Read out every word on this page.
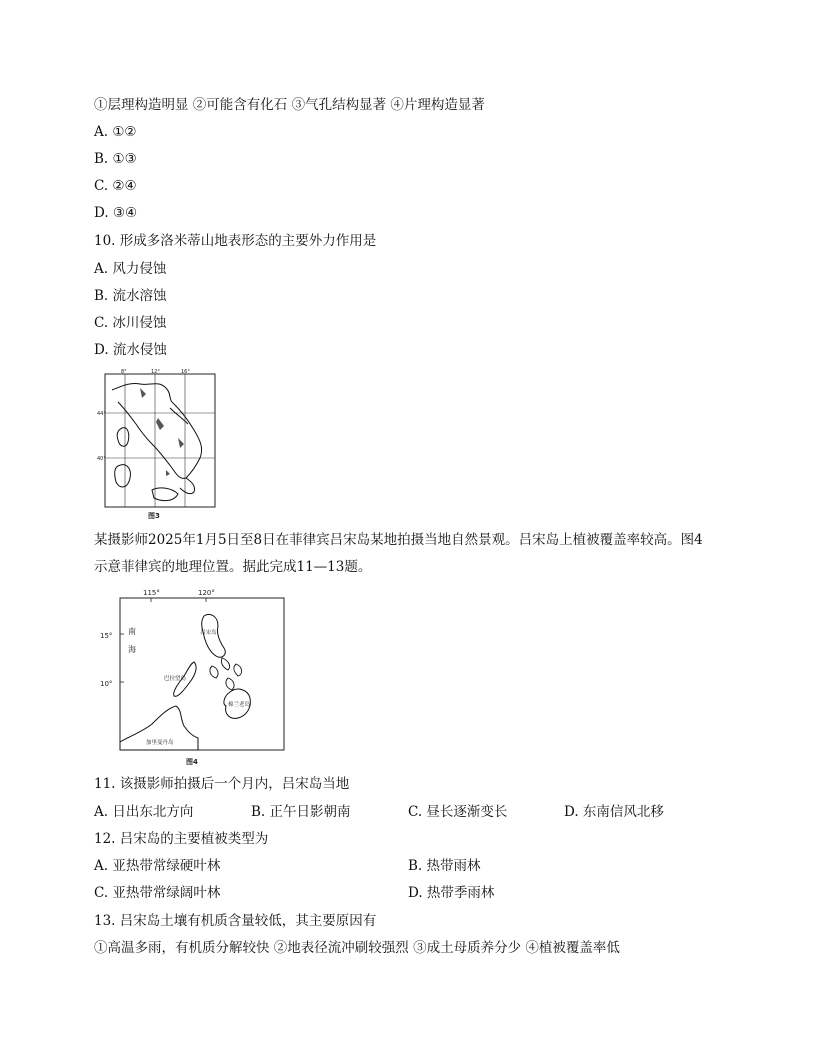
①层理构造明显 ②可能含有化石 ③气孔结构显著 ④片理构造显著
A. ①②
B. ①③
C. ②④
D. ③④
10. 形成多洛米蒂山地表形态的主要外力作用是
A. 风力侵蚀
B. 流水溶蚀
C. 冰川侵蚀
D. 流水侵蚀
8°	12°	16°
44°
40°
图3
某摄影师2025年1月5日至8日在菲律宾吕宋岛某地拍摄当地自然景观。吕宋岛上植被覆盖率较高。图4
示意菲律宾的地理位置。据此完成11—13题。
115°	120°
15°
10°
南
海
吕宋岛
巴拉望岛
棉兰老岛
加里曼丹岛
图4
11. 该摄影师拍摄后一个月内，吕宋岛当地
A. 日出东北方向	B. 正午日影朝南	C. 昼长逐渐变长	D. 东南信风北移
12. 吕宋岛的主要植被类型为
A. 亚热带常绿硬叶林	B. 热带雨林
C. 亚热带常绿阔叶林	D. 热带季雨林
13. 吕宋岛土壤有机质含量较低，其主要原因有
①高温多雨，有机质分解较快 ②地表径流冲刷较强烈 ③成土母质养分少 ④植被覆盖率低
